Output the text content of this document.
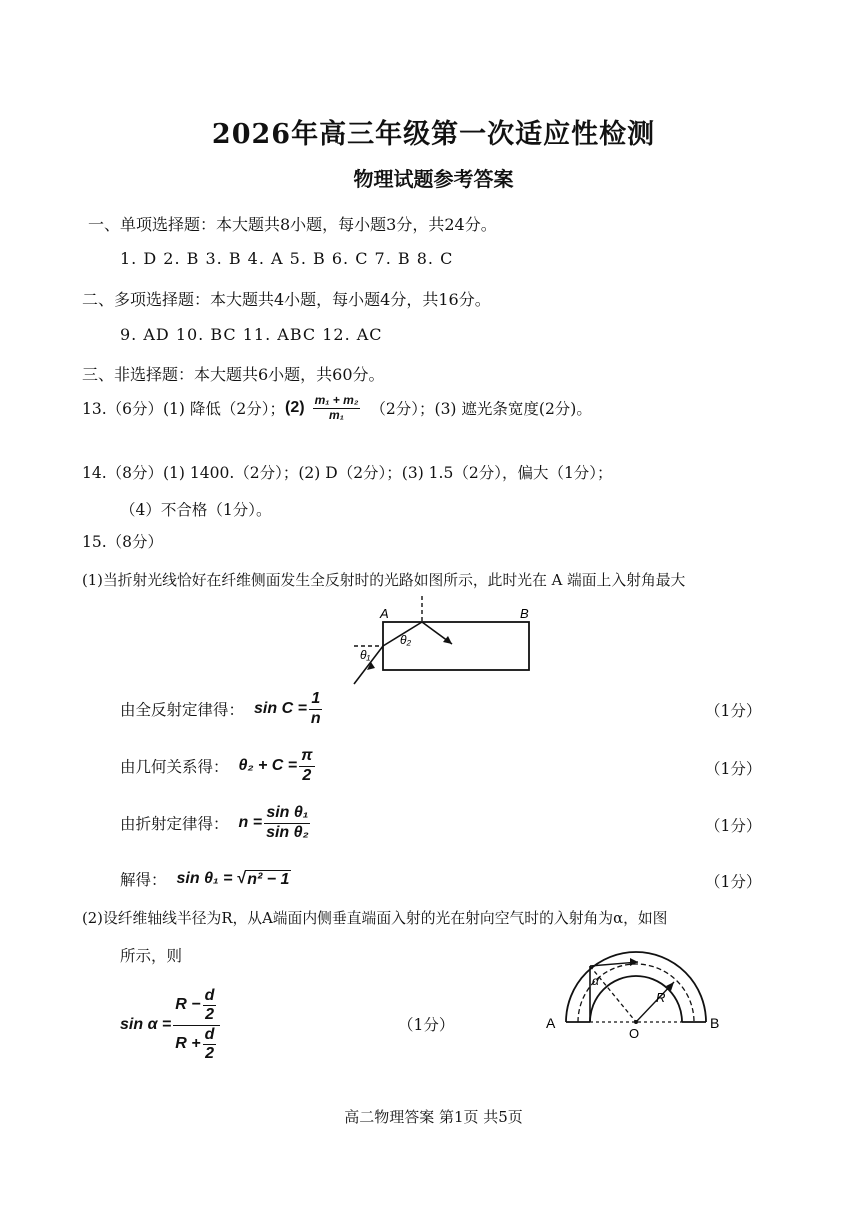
2026年高三年级第一次适应性检测
物理试题参考答案
一、单项选择题：本大题共8小题，每小题3分，共24分。
1. D 2. B 3. B 4. A 5. B 6. C 7. B 8. C
二、多项选择题：本大题共4小题，每小题4分，共16分。
9. AD 10. BC 11. ABC 12. AC
三、非选择题：本大题共6小题，共60分。
13.（6分）(1) 降低（2分）； $(2) \frac{\text{m₁ + m₂}}{\text{m₁}} (2$分）；(3) 遮光条宽度(2分)。
14.（8分）(1) 1400.（2分）；(2) D（2分）；(3) 1.5（2分），偏大（1分）；
（4）不合格（1分）。
15.（8分）
(1)当折射光线恰好在纤维侧面发生全反射时的光路如图所示，此时光在 A 端面上入射角最大
A	B
θ₁
θ₂
由全反射定律得： $\sin C = \frac{1}{n}$	（1分）
由几何关系得： $\theta_2 + C = \frac{\pi}{2}$	（1分）
由折射定律得： $n = \frac{\text{sin θ₁}}{\text{sin θ₂}}$	（1分）
解得： sin θ₁ = √ n² − 1	（1分）
(2)设纤维轴线半径为R，从A端面内侧垂直端面入射的光在射向空气时的入射角为α，如图
所示，则
$\sin \alpha = \frac{R - \frac{d}{2}}{R + \frac{d}{2}}$	（1分）	A	B
O
R
α
高二物理答案 第1页 共5页
